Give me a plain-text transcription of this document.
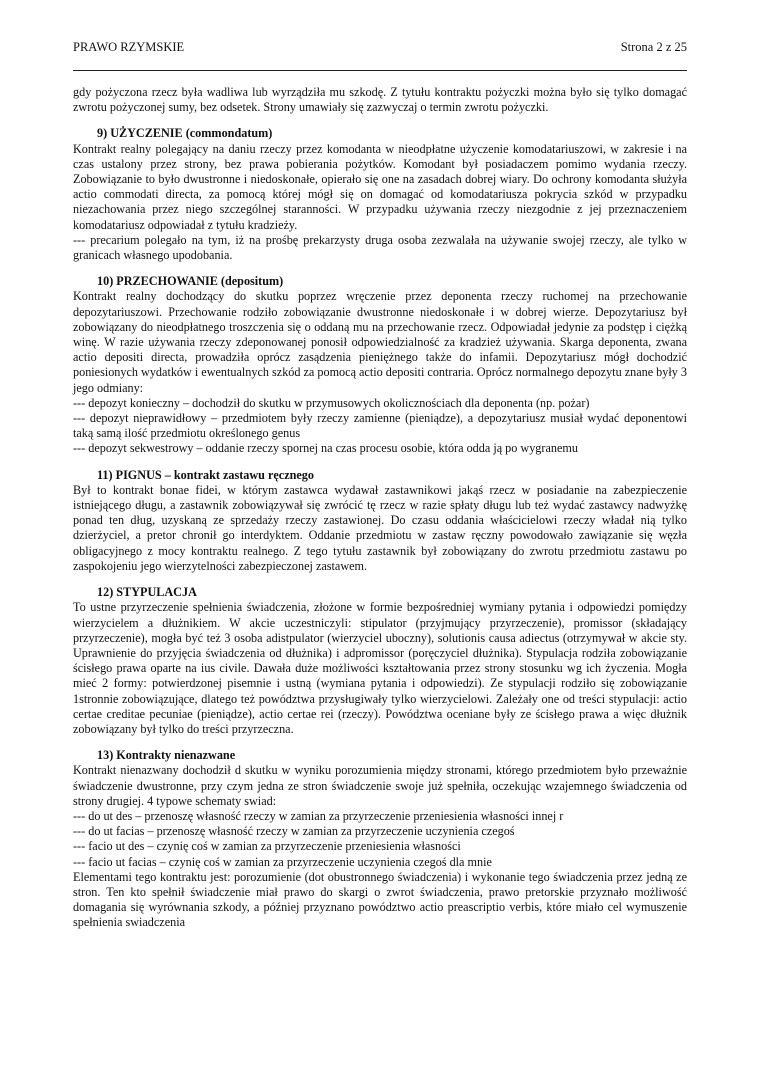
PRAWO RZYMSKIE	Strona 2 z 25

gdy pożyczona rzecz była wadliwa lub wyrządziła mu szkodę. Z tytułu kontraktu pożyczki można było się tylko domagać zwrotu pożyczonej sumy, bez odsetek. Strony umawiały się zazwyczaj o termin zwrotu pożyczki.

9) UŻYCZENIE (commondatum)

Kontrakt realny polegający na daniu rzeczy przez komodanta w nieodpłatne użyczenie komodatariuszowi, w zakresie i na czas ustalony przez strony, bez prawa pobierania pożytków. Komodant był posiadaczem pomimo wydania rzeczy. Zobowiązanie to było dwustronne i niedoskonałe, opierało się one na zasadach dobrej wiary. Do ochrony komodanta służyła actio commodati directa, za pomocą której mógł się on domagać od komodatariusza pokrycia szkód w przypadku niezachowania przez niego szczególnej staranności. W przypadku używania rzeczy niezgodnie z jej przeznaczeniem komodatariusz odpowiadał z tytułu kradzieży.

--- precarium polegało na tym, iż na prośbę prekarzysty druga osoba zezwalała na używanie swojej rzeczy, ale tylko w granicach własnego upodobania.

10) PRZECHOWANIE (depositum)

Kontrakt realny dochodzący do skutku poprzez wręczenie przez deponenta rzeczy ruchomej na przechowanie depozytariuszowi. Przechowanie rodziło zobowiązanie dwustronne niedoskonałe i w dobrej wierze. Depozytariusz był zobowiązany do nieodpłatnego troszczenia się o oddaną mu na przechowanie rzecz. Odpowiadał jedynie za podstęp i ciężką winę. W razie używania rzeczy zdeponowanej ponosił odpowiedzialność za kradzież używania. Skarga deponenta, zwana actio depositi directa, prowadziła oprócz zasądzenia pieniężnego także do infamii. Depozytariusz mógł dochodzić poniesionych wydatków i ewentualnych szkód za pomocą actio depositi contraria. Oprócz normalnego depozytu znane były 3 jego odmiany:

--- depozyt konieczny – dochodził do skutku w przymusowych okolicznościach dla deponenta (np. pożar)

--- depozyt nieprawidłowy – przedmiotem były rzeczy zamienne (pieniądze), a depozytariusz musiał wydać deponentowi taką samą ilość przedmiotu określonego genus

--- depozyt sekwestrowy – oddanie rzeczy spornej na czas procesu osobie, która odda ją po wygranemu

11) PIGNUS – kontrakt zastawu ręcznego

Był to kontrakt bonae fidei, w którym zastawca wydawał zastawnikowi jakąś rzecz w posiadanie na zabezpieczenie istniejącego długu, a zastawnik zobowiązywał się zwrócić tę rzecz w razie spłaty długu lub też wydać zastawcy nadwyżkę ponad ten dług, uzyskaną ze sprzedaży rzeczy zastawionej. Do czasu oddania właścicielowi rzeczy władał nią tylko dzierżyciel, a pretor chronił go interdyktem. Oddanie przedmiotu w zastaw ręczny powodowało zawiązanie się węzła obligacyjnego z mocy kontraktu realnego. Z tego tytułu zastawnik był zobowiązany do zwrotu przedmiotu zastawu po zaspokojeniu jego wierzytelności zabezpieczonej zastawem.

12) STYPULACJA

To ustne przyrzeczenie spełnienia świadczenia, złożone w formie bezpośredniej wymiany pytania i odpowiedzi pomiędzy wierzycielem a dłużnikiem. W akcie uczestniczyli: stipulator (przyjmujący przyrzeczenie), promissor (składający przyrzeczenie), mogła być też 3 osoba adistpulator (wierzyciel uboczny), solutionis causa adiectus (otrzymywał w akcie sty. Uprawnienie do przyjęcia świadczenia od dłużnika) i adpromissor (poręczyciel dłużnika). Stypulacja rodziła zobowiązanie ścisłego prawa oparte na ius civile. Dawała duże możliwości kształtowania przez strony stosunku wg ich życzenia. Mogła mieć 2 formy: potwierdzonej pisemnie i ustną (wymiana pytania i odpowiedzi). Ze stypulacji rodziło się zobowiązanie 1stronnie zobowiązujące, dlatego też powództwa przysługiwały tylko wierzycielowi. Zależały one od treści stypulacji: actio certae creditae pecuniae (pieniądze), actio certae rei (rzeczy). Powództwa oceniane były ze ścisłego prawa a więc dłużnik zobowiązany był tylko do treści przyrzeczna.

13) Kontrakty nienazwane

Kontrakt nienazwany dochodził d skutku w wyniku porozumienia między stronami, którego przedmiotem było przeważnie świadczenie dwustronne, przy czym jedna ze stron świadczenie swoje już spełniła, oczekując wzajemnego świadczenia od strony drugiej. 4 typowe schematy swiad:

--- do ut des – przenoszę własność rzeczy w zamian za przyrzeczenie przeniesienia własności innej r

--- do ut facias – przenoszę własność rzeczy w zamian za przyrzeczenie uczynienia czegoś

--- facio ut des – czynię coś w zamian za przyrzeczenie przeniesienia własności

--- facio ut facias – czynię coś w zamian za przyrzeczenie uczynienia czegoś dla mnie

Elementami tego kontraktu jest: porozumienie (dot obustronnego świadczenia) i wykonanie tego świadczenia przez jedną ze stron. Ten kto spełnił świadczenie miał prawo do skargi o zwrot świadczenia, prawo pretorskie przyznało możliwość domagania się wyrównania szkody, a później przyznano powództwo actio preascriptio verbis, które miało cel wymuszenie spełnienia swiadczenia
